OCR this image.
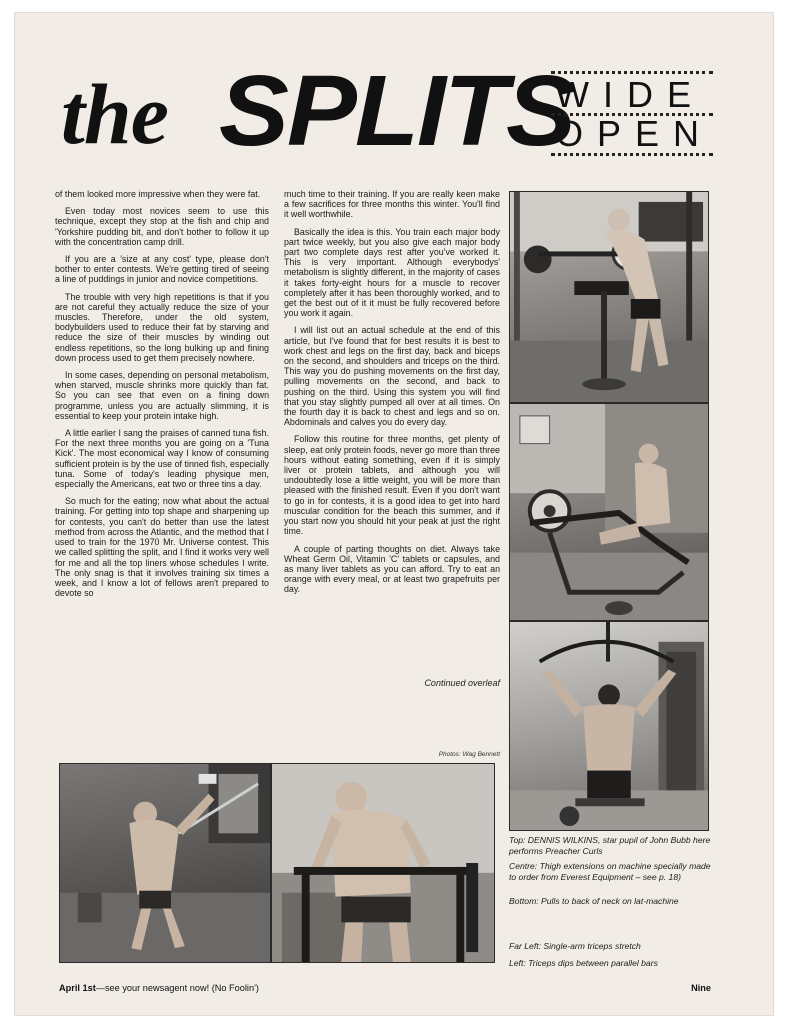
the SPLITS
WIDE
OPEN

of them looked more impressive when they were fat.

Even today most novices seem to use this technique, except they stop at the fish and chip and 'Yorkshire pudding bit, and don't bother to follow it up with the concentration camp drill.

If you are a 'size at any cost' type, please don't bother to enter contests. We're getting tired of seeing a line of puddings in junior and novice competitions.

The trouble with very high repetitions is that if you are not careful they actually reduce the size of your muscles. Therefore, under the old system, bodybuilders used to reduce their fat by starving and reduce the size of their muscles by winding out endless repetitions, so the long bulking up and fining down process used to get them precisely nowhere.

In some cases, depending on personal metabolism, when starved, muscle shrinks more quickly than fat. So you can see that even on a fining down programme, unless you are actually slimming, it is essential to keep your protein intake high.

A little earlier I sang the praises of canned tuna fish. For the next three months you are going on a 'Tuna Kick'. The most economical way I know of consuming sufficient protein is by the use of tinned fish, especially tuna. Some of today's leading physique men, especially the Americans, eat two or three tins a day.

So much for the eating; now what about the actual training. For getting into top shape and sharpening up for contests, you can't do better than use the latest method from across the Atlantic, and the method that I used to train for the 1970 Mr. Universe contest. This we called splitting the split, and I find it works very well for me and all the top liners whose schedules I write. The only snag is that it involves training six times a week, and I know a lot of fellows aren't prepared to devote so

much time to their training. If you are really keen make a few sacrifices for three months this winter. You'll find it well worthwhile.

Basically the idea is this. You train each major body part twice weekly, but you also give each major body part two complete days rest after you've worked it. This is very important. Although everybodys' metabolism is slightly different, in the majority of cases it takes forty-eight hours for a muscle to recover completely after it has been thoroughly worked, and to get the best out of it it must be fully recovered before you work it again.

I will list out an actual schedule at the end of this article, but I've found that for best results it is best to work chest and legs on the first day, back and biceps on the second, and shoulders and triceps on the third. This way you do pushing movements on the first day, pulling movements on the second, and back to pushing on the third. Using this system you will find that you stay slightly pumped all over at all times. On the fourth day it is back to chest and legs and so on. Abdominals and calves you do every day.

Follow this routine for three months, get plenty of sleep, eat only protein foods, never go more than three hours without eating something, even if it is simply liver or protein tablets, and although you will undoubtedly lose a little weight, you will be more than pleased with the finished result. Even if you don't want to go in for contests, it is a good idea to get into hard muscular condition for the beach this summer, and if you start now you should hit your peak at just the right time.

A couple of parting thoughts on diet. Always take Wheat Germ Oil, Vitamin 'C' tablets or capsules, and as many liver tablets as you can afford. Try to eat an orange with every meal, or at least two grapefruits per day.

Continued overleaf
Photos: Wag Bennett
Top: DENNIS WILKINS, star pupil of John Bubb here performs Preacher Curls
Centre: Thigh extensions on machine specially made to order from Everest Equipment – see p. 18)
Bottom: Pulls to back of neck on lat-machine
Far Left: Single-arm triceps stretch
Left: Triceps dips between parallel bars
April 1st—see your newsagent now! (No Foolin')	Nine
